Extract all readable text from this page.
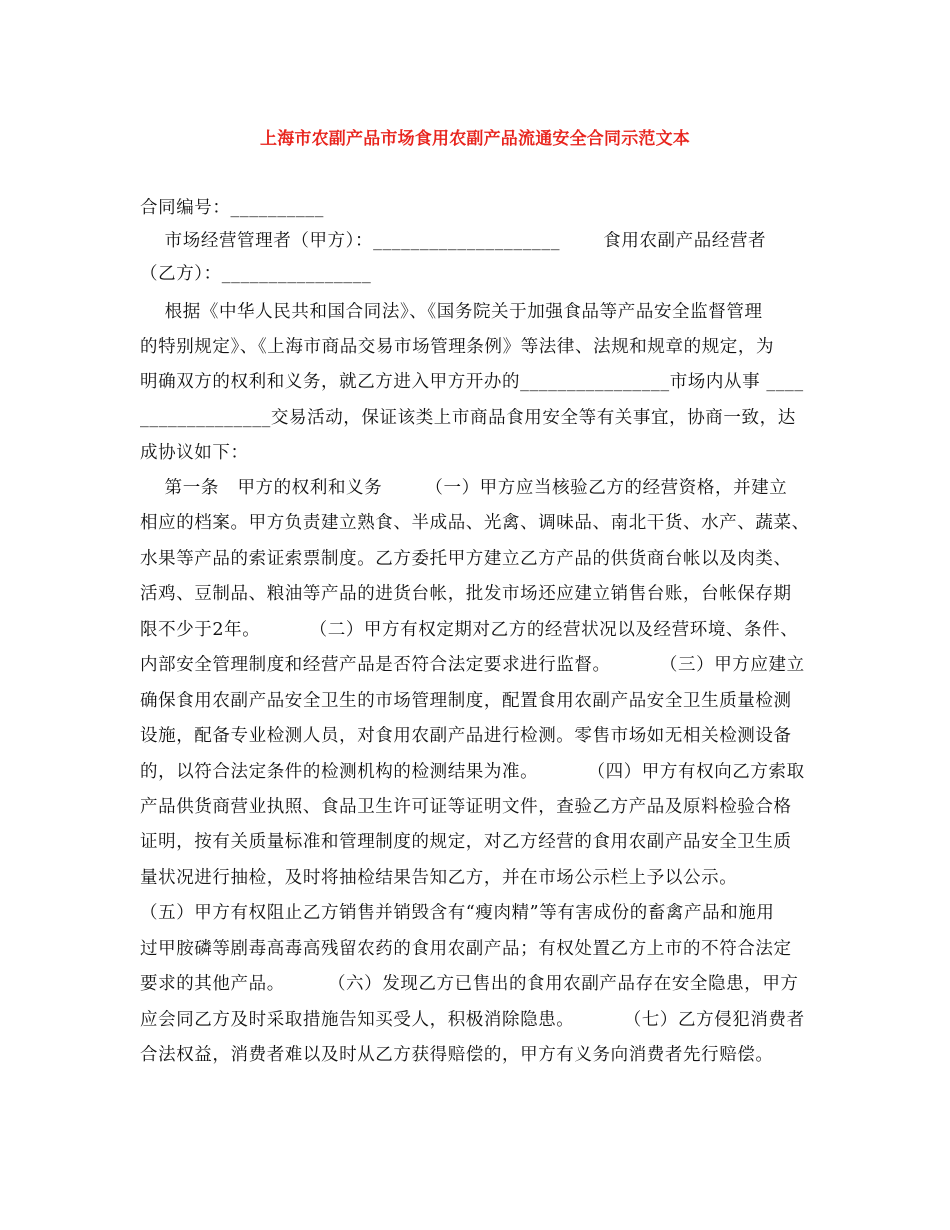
上海市农副产品市场食用农副产品流通安全合同示范文本
合同编号：__________
市场经营管理者（甲方）：____________________       食用农副产品经营者
（乙方）：________________
根据《中华人民共和国合同法》、《国务院关于加强食品等产品安全监督管理
的特别规定》、《上海市商品交易市场管理条例》等法律、法规和规章的规定，为
明确双方的权利和义务，就乙方进入甲方开办的________________市场内从事 ____
______________交易活动，保证该类上市商品食用安全等有关事宜，协商一致，达
成协议如下：
第一条   甲方的权利和义务       （一）甲方应当核验乙方的经营资格，并建立
相应的档案。甲方负责建立熟食、半成品、光禽、调味品、南北干货、水产、蔬菜、
水果等产品的索证索票制度。乙方委托甲方建立乙方产品的供货商台帐以及肉类、
活鸡、豆制品、粮油等产品的进货台帐，批发市场还应建立销售台账，台帐保存期
限不少于2年。        （二）甲方有权定期对乙方的经营状况以及经营环境、条件、
内部安全管理制度和经营产品是否符合法定要求进行监督。        （三）甲方应建立
确保食用农副产品安全卫生的市场管理制度，配置食用农副产品安全卫生质量检测
设施，配备专业检测人员，对食用农副产品进行检测。零售市场如无相关检测设备
的，以符合法定条件的检测机构的检测结果为准。        （四）甲方有权向乙方索取
产品供货商营业执照、食品卫生许可证等证明文件，查验乙方产品及原料检验合格
证明，按有关质量标准和管理制度的规定，对乙方经营的食用农副产品安全卫生质
量状况进行抽检，及时将抽检结果告知乙方，并在市场公示栏上予以公示。
（五）甲方有权阻止乙方销售并销毁含有“瘦肉精”等有害成份的畜禽产品和施用
过甲胺磷等剧毒高毒高残留农药的食用农副产品；有权处置乙方上市的不符合法定
要求的其他产品。       （六）发现乙方已售出的食用农副产品存在安全隐患，甲方
应会同乙方及时采取措施告知买受人，积极消除隐患。        （七）乙方侵犯消费者
合法权益，消费者难以及时从乙方获得赔偿的，甲方有义务向消费者先行赔偿。
